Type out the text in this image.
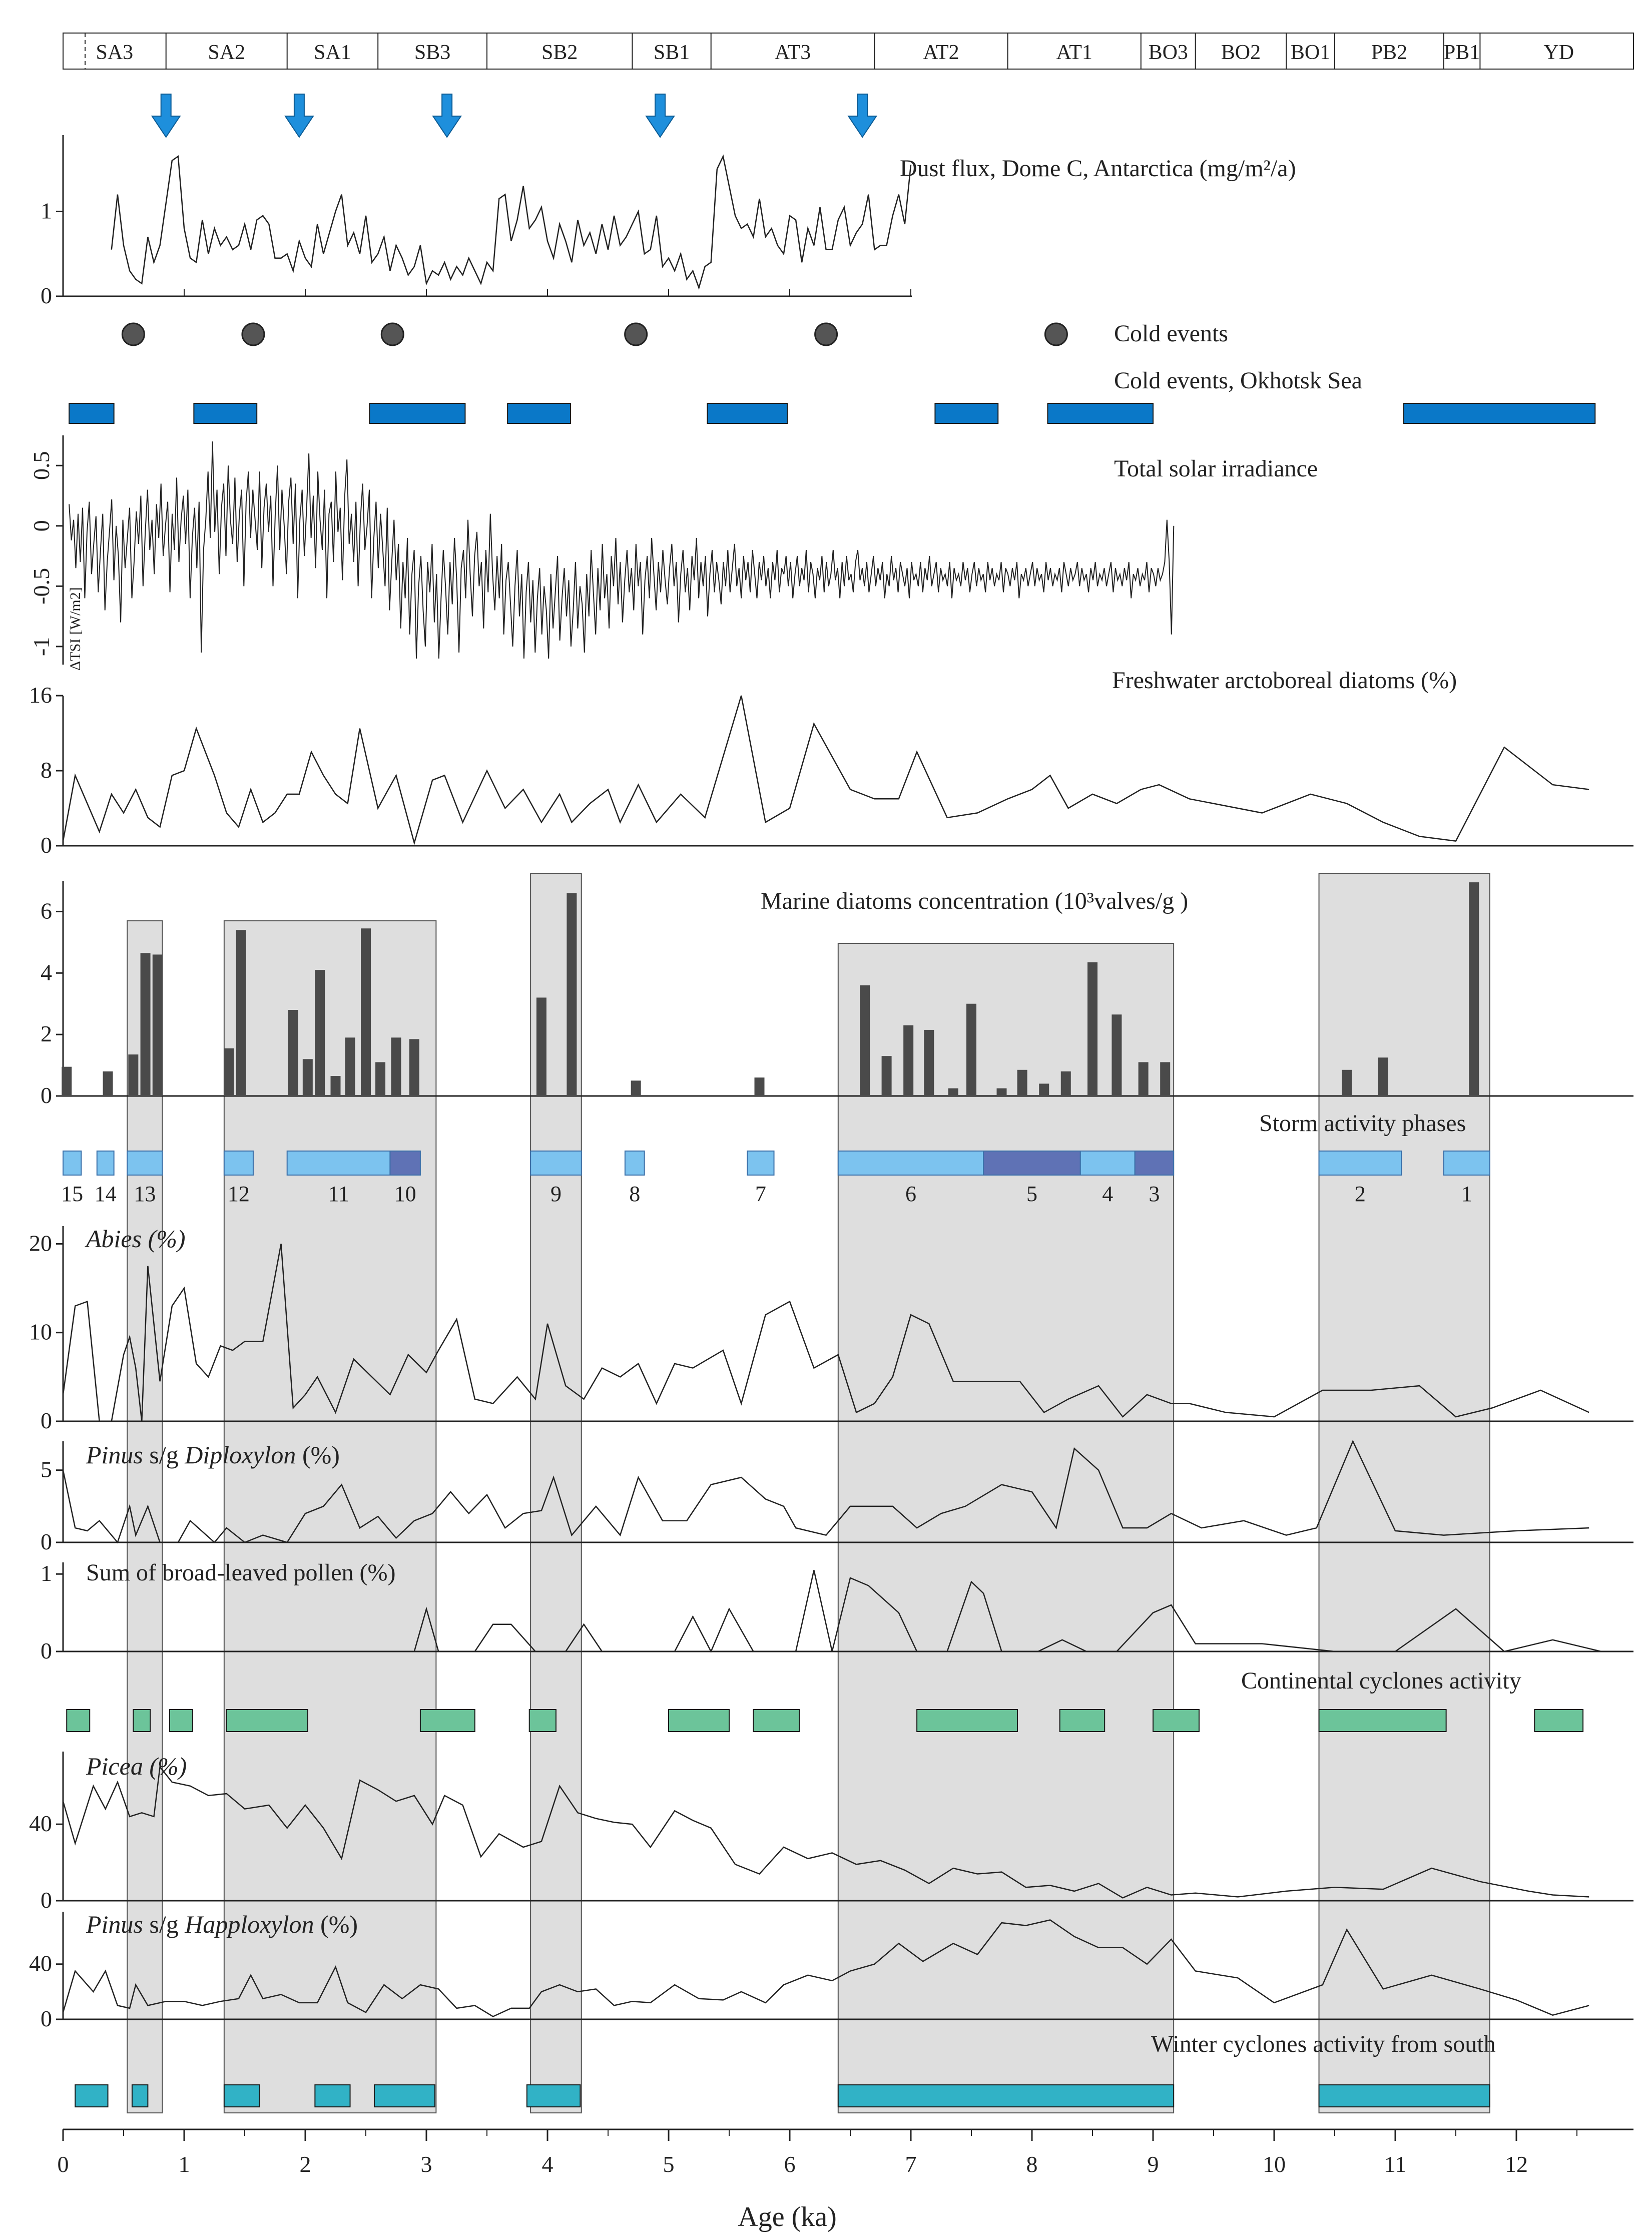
SA3	SA2	SA1	SB3	SB2	SB1	AT3	AT2	AT1	BO3 BO2 BO1 PB2 PB1	YD
0
1
Dust flux, Dome C, Antarctica (mg/m²/a)
Cold events
Cold events, Okhotsk Sea
0.5
0
-0.5
-1
Total solar irradiance
ΔTSI [W/m2]
0
8
16
Freshwater arctoboreal diatoms (%)
0
2
4
6	Marine diatoms concentration (10³valves/g )
Storm activity phases
15 14 13	12	11 10	9	8	7	6	5	4 3	2	1
0
10
20 Abies (%)
0
5
Pinus s/g Diploxylon (%)
0
1 Sum of broad-leaved pollen (%)
Continental cyclones activity
0
40
Picea (%)
0
40
Pinus s/g Happloxylon (%)
Winter cyclones activity from south
0	1	2	3	4	5	6	7	8	9	10	11	12
Age (ka)
